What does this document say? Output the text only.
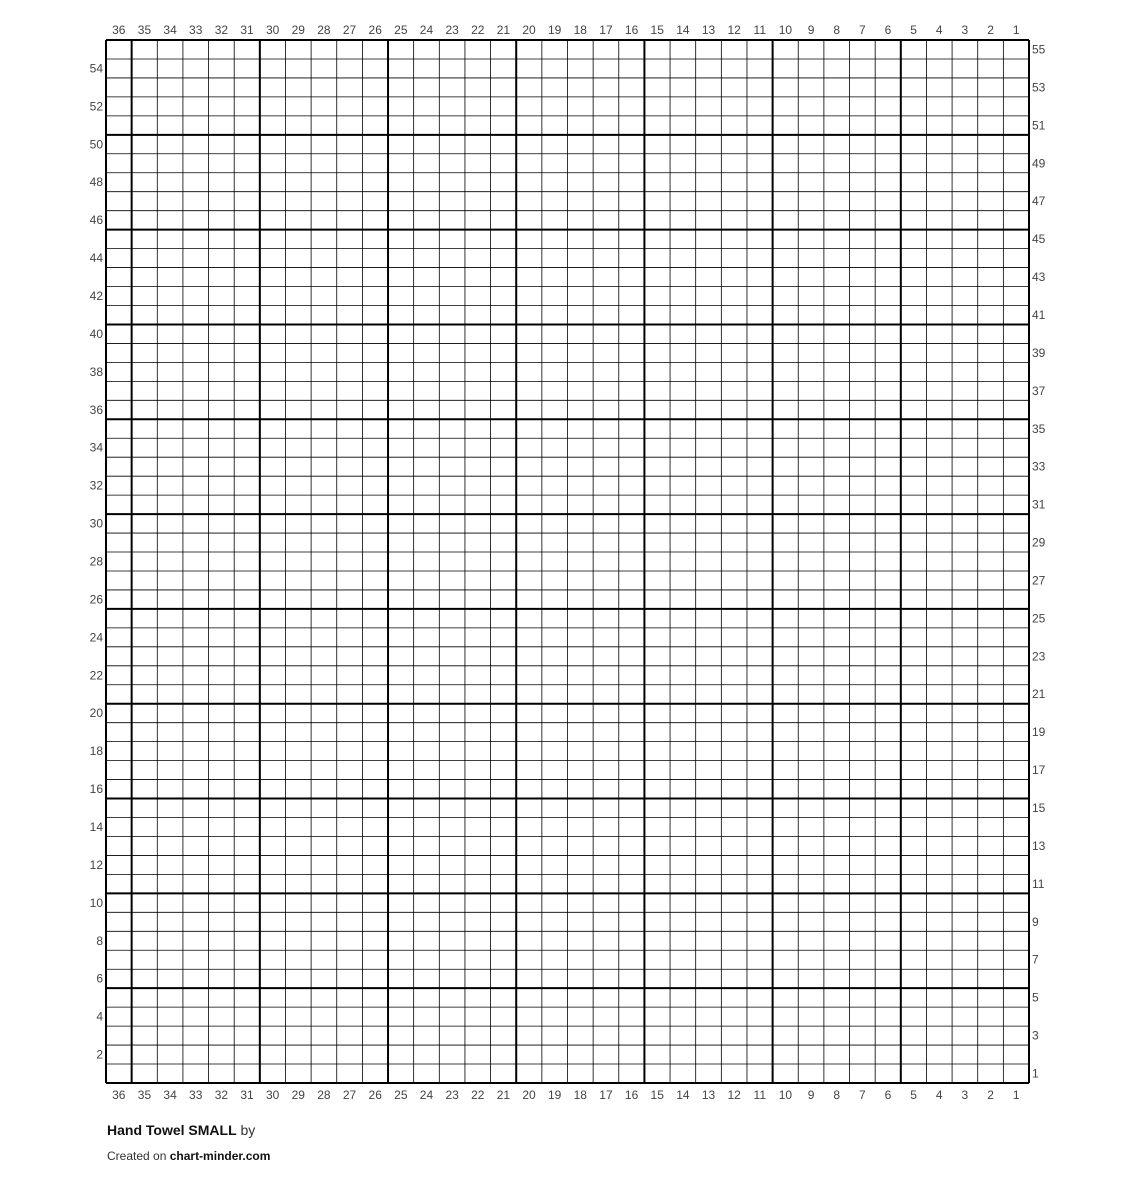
36
36
35
35
34
34
33
33
32
32
31
31
30
30
29
29
28
28
27
27
26
26
25
25
24
24
23
23
22
22
21
21
20
20
19
19
18
18
17
17
16
16
15
15
14
14
13
13
12
12
11
11
10
10
9
9
8
8
7
7
6
6
5
5
4
4
3
3
2
2
1
1
1
2
3
4
5
6
7
8
9
10
11
12
13
14
15
16
17
18
19
20
21
22
23
24
25
26
27
28
29
30
31
32
33
34
35
36
37
38
39
40
41
42
43
44
45
46
47
48
49
50
51
52
53
54
55
Hand Towel SMALL by
Created on chart-minder.com
